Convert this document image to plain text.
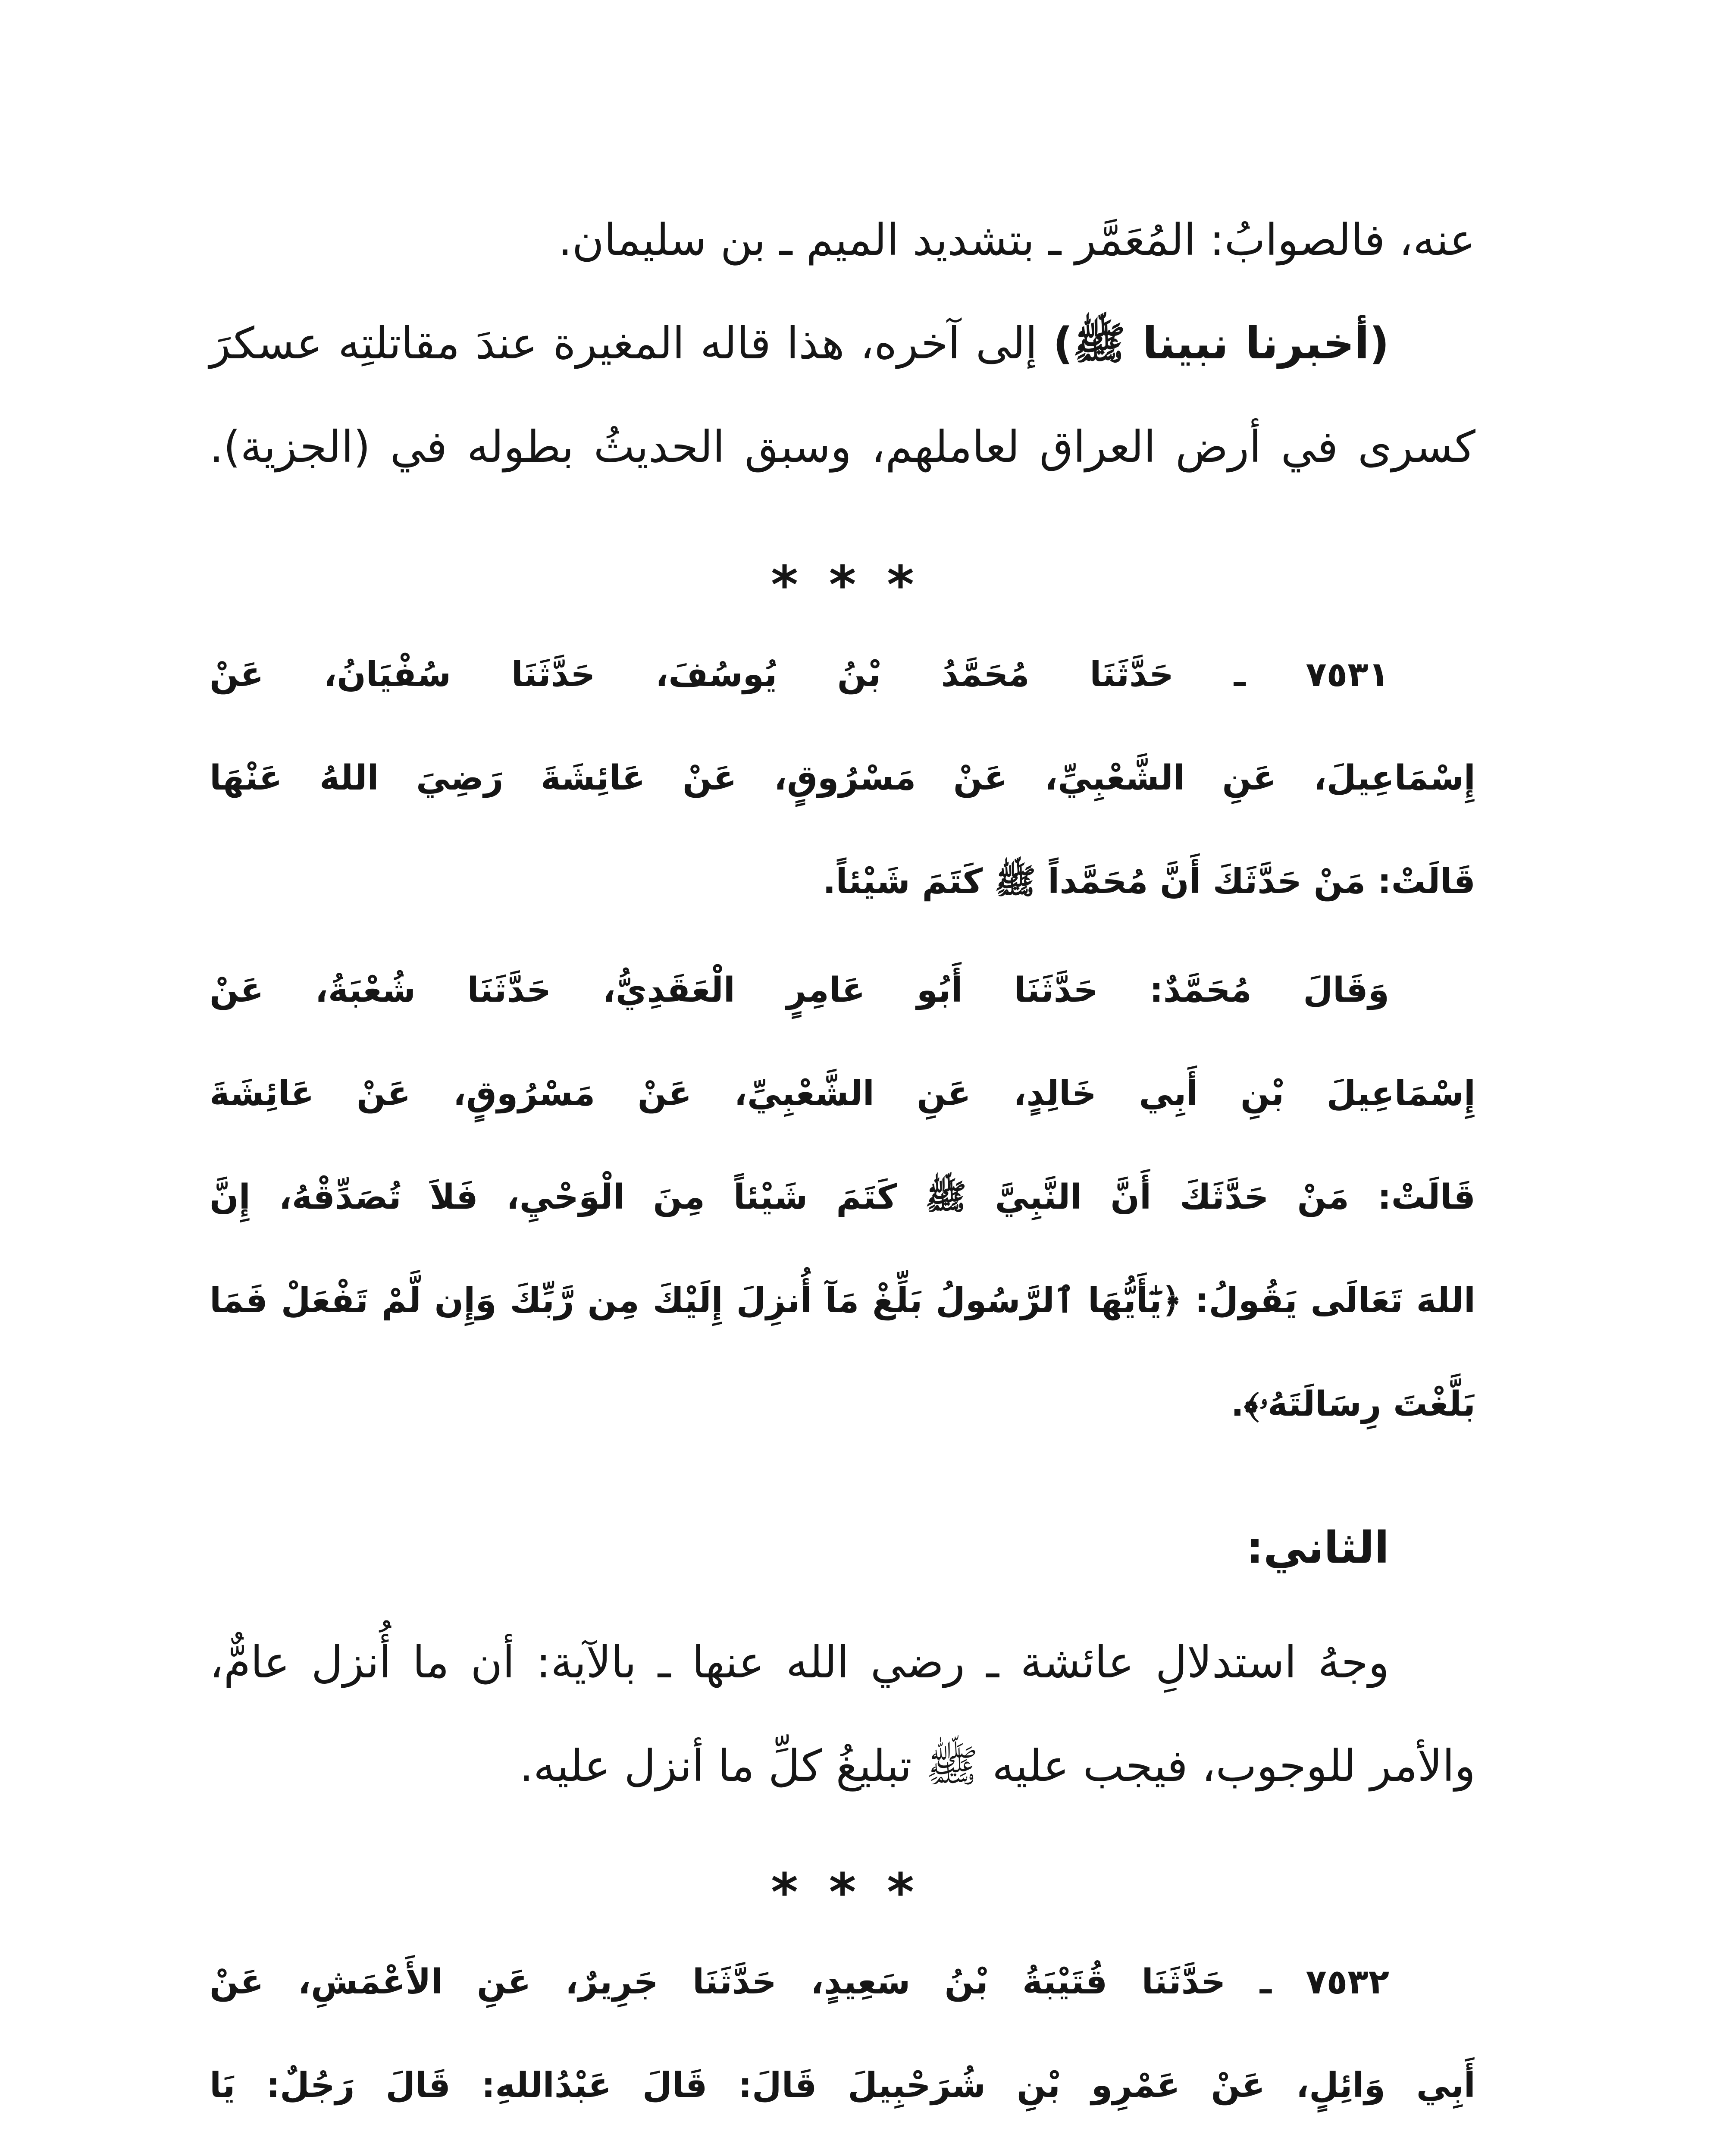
عنه، فالصوابُ: المُعَمَّر ـ بتشديد الميم ـ بن سليمان.
(أخبرنا نبينا ﷺ) إلى آخره، هذا قاله المغيرة عندَ مقاتلتِه عسكرَ
كسرى في أرض العراق لعاملهم، وسبق الحديثُ بطوله في (الجزية).
* * *
٧٥٣١ ـ حَدَّثَنَا مُحَمَّدُ بْنُ يُوسُفَ، حَدَّثَنَا سُفْيَانُ، عَنْ
إِسْمَاعِيلَ، عَنِ الشَّعْبِيِّ، عَنْ مَسْرُوقٍ، عَنْ عَائِشَةَ رَضِيَ اللهُ عَنْهَا
قَالَتْ: مَنْ حَدَّثَكَ أَنَّ مُحَمَّداً ﷺ كَتَمَ شَيْئاً.
وَقَالَ مُحَمَّدٌ: حَدَّثَنَا أَبُو عَامِرٍ الْعَقَدِيُّ، حَدَّثَنَا شُعْبَةُ، عَنْ
إِسْمَاعِيلَ بْنِ أَبِي خَالِدٍ، عَنِ الشَّعْبِيِّ، عَنْ مَسْرُوقٍ، عَنْ عَائِشَةَ
قَالَتْ: مَنْ حَدَّثَكَ أَنَّ النَّبِيَّ ﷺ كَتَمَ شَيْئاً مِنَ الْوَحْيِ، فَلاَ تُصَدِّقْهُ، إِنَّ
اللهَ تَعَالَى يَقُولُ: ﴿يَٰٓأَيُّهَا ٱلرَّسُولُ بَلِّغْ مَآ أُنزِلَ إِلَيْكَ مِن رَّبِّكَ وَإِن لَّمْ تَفْعَلْ فَمَا
بَلَّغْتَ رِسَالَتَهُۥ﴾.
الثاني:
وجهُ استدلالِ عائشة ـ رضي الله عنها ـ بالآية: أن ما أُنزل عامٌّ،
والأمر للوجوب، فيجب عليه ﷺ تبليغُ كلِّ ما أنزل عليه.
* * *
٧٥٣٢ ـ حَدَّثَنَا قُتَيْبَةُ بْنُ سَعِيدٍ، حَدَّثَنَا جَرِيرٌ، عَنِ الأَعْمَشِ، عَنْ
أَبِي وَائِلٍ، عَنْ عَمْرِو بْنِ شُرَحْبِيلَ قَالَ: قَالَ عَبْدُاللهِ: قَالَ رَجُلٌ: يَا
